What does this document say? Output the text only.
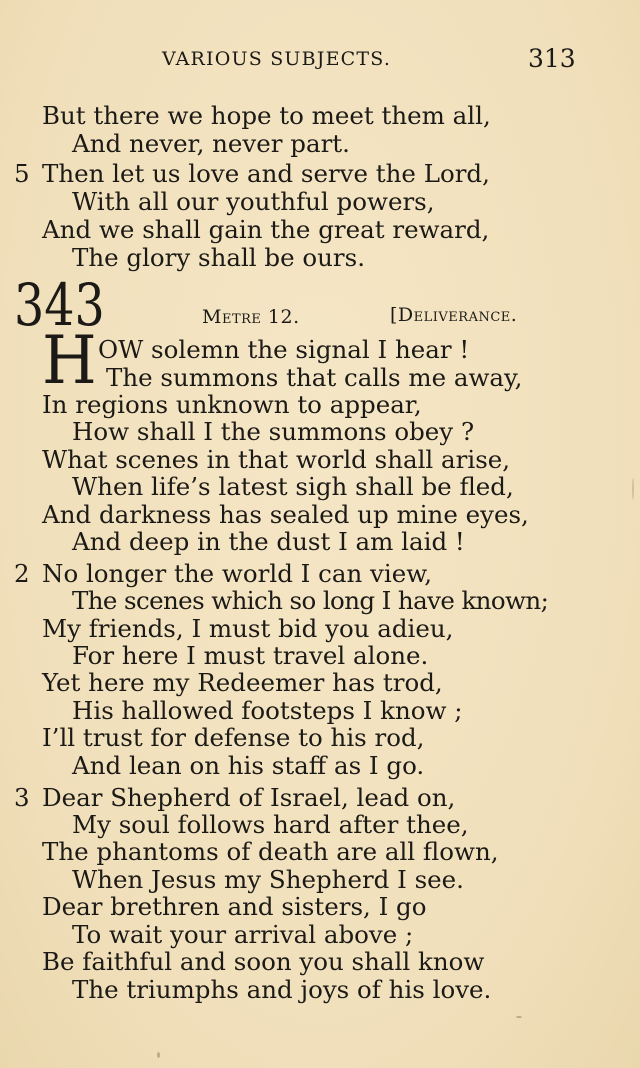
VARIOUS SUBJECTS.	313
But there we hope to meet them all,
And never, never part.
5 Then let us love and serve the Lord,
With all our youthful powers,
And we shall gain the great reward,
The glory shall be ours.
343	Metre 12.	[Deliverance.
H OW solemn the signal I hear !
The summons that calls me away,
In regions unknown to appear,
How shall I the summons obey ?
What scenes in that world shall arise,
When life’s latest sigh shall be fled,
And darkness has sealed up mine eyes,
And deep in the dust I am laid !
2 No longer the world I can view,
The scenes which so long I have known;
My friends, I must bid you adieu,
For here I must travel alone.
Yet here my Redeemer has trod,
His hallowed footsteps I know ;
I’ll trust for defense to his rod,
And lean on his staff as I go.
3 Dear Shepherd of Israel, lead on,
My soul follows hard after thee,
The phantoms of death are all flown,
When Jesus my Shepherd I see.
Dear brethren and sisters, I go
To wait your arrival above ;
Be faithful and soon you shall know
The triumphs and joys of his love.
